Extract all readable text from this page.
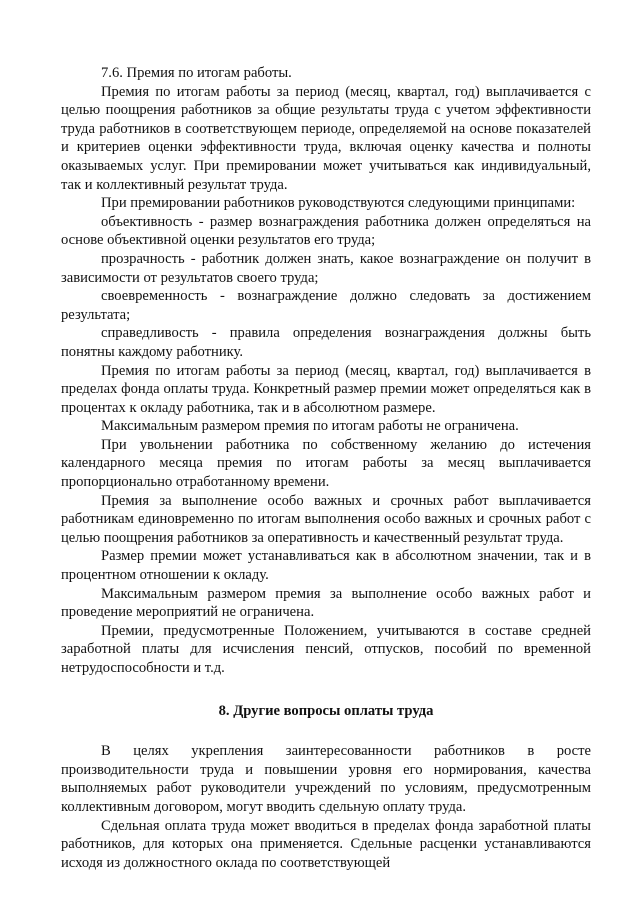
7.6. Премия по итогам работы.

Премия по итогам работы за период (месяц, квартал, год) выплачивается с целью поощрения работников за общие результаты труда с учетом эффективности труда работников в соответствующем периоде, определяемой на основе показателей и критериев оценки эффективности труда, включая оценку качества и полноты оказываемых услуг. При премировании может учитываться как индивидуальный, так и коллективный результат труда.

При премировании работников руководствуются следующими принципами:

объективность - размер вознаграждения работника должен определяться на основе объективной оценки результатов его труда;

прозрачность - работник должен знать, какое вознаграждение он получит в зависимости от результатов своего труда;

своевременность - вознаграждение должно следовать за достижением результата;

справедливость - правила определения вознаграждения должны быть понятны каждому работнику.

Премия по итогам работы за период (месяц, квартал, год) выплачивается в пределах фонда оплаты труда. Конкретный размер премии может определяться как в процентах к окладу работника, так и в абсолютном размере.

Максимальным размером премия по итогам работы не ограничена.

При увольнении работника по собственному желанию до истечения календарного месяца премия по итогам работы за месяц выплачивается пропорционально отработанному времени.

Премия за выполнение особо важных и срочных работ выплачивается работникам единовременно по итогам выполнения особо важных и срочных работ с целью поощрения работников за оперативность и качественный результат труда.

Размер премии может устанавливаться как в абсолютном значении, так и в процентном отношении к окладу.

Максимальным размером премия за выполнение особо важных работ и проведение мероприятий не ограничена.

Премии, предусмотренные Положением, учитываются в составе средней заработной платы для исчисления пенсий, отпусков, пособий по временной нетрудоспособности и т.д.

8. Другие вопросы оплаты труда

В целях укрепления заинтересованности работников в росте производительности труда и повышении уровня его нормирования, качества выполняемых работ руководители учреждений по условиям, предусмотренным коллективным договором, могут вводить сдельную оплату труда.

Сдельная оплата труда может вводиться в пределах фонда заработной платы работников, для которых она применяется. Сдельные расценки устанавливаются исходя из должностного оклада по соответствующей
